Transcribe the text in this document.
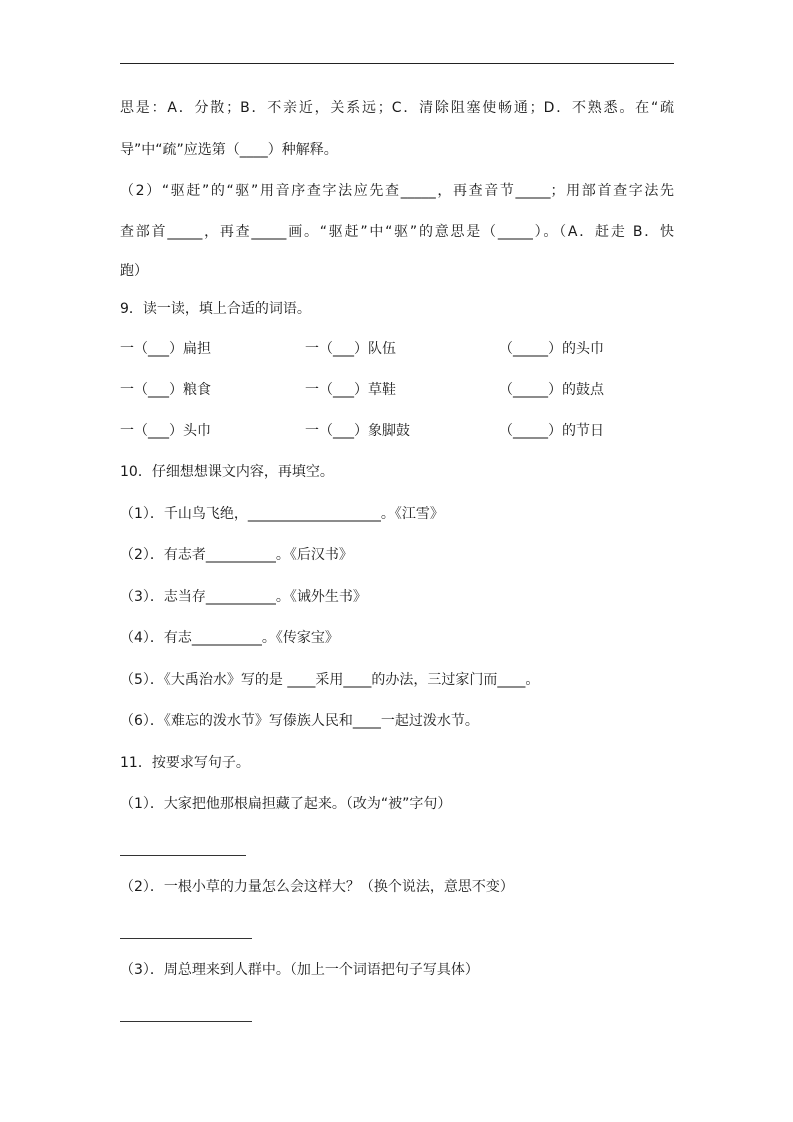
思是：A．分散；B．不亲近，关系远；C．清除阻塞使畅通；D．不熟悉。在“疏
导”中“疏”应选第（____）种解释。
（2）“驱赶”的“驱”用音序查字法应先查_____，再查音节_____；用部首查字法先
查部首_____，再查_____画。“驱赶”中“驱”的意思是（_____）。（A．赶走 B．快
跑）
9．读一读，填上合适的词语。
一（___）扁担	一（___）队伍	（_____）的头巾
一（___）粮食	一（___）草鞋	（_____）的鼓点
一（___）头巾	一（___）象脚鼓	（_____）的节日
10．仔细想想课文内容，再填空。
（1）．千山鸟飞绝，___________________。《江雪》
（2）．有志者__________。《后汉书》
（3）．志当存__________。《诫外生书》
（4）．有志__________。《传家宝》
（5）．《大禹治水》写的是 ____采用____的办法，三过家门而____。
（6）．《难忘的泼水节》写傣族人民和____一起过泼水节。
11．按要求写句子。
（1）．大家把他那根扁担藏了起来。（改为“被”字句）
（2）．一根小草的力量怎么会这样大？（换个说法，意思不变）
（3）．周总理来到人群中。（加上一个词语把句子写具体）
